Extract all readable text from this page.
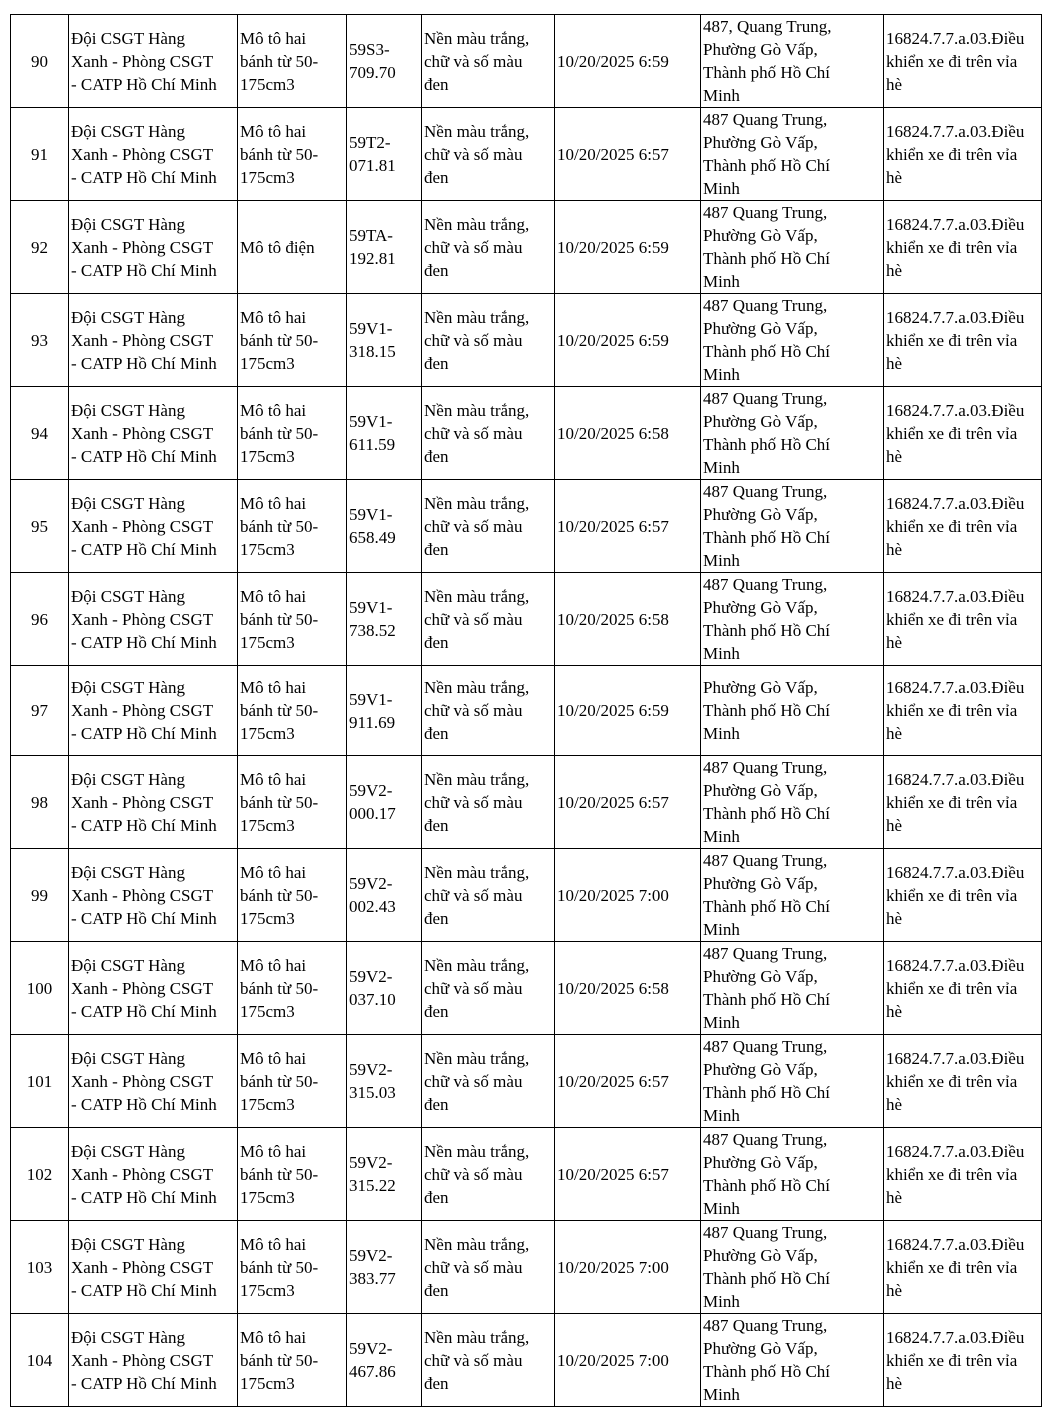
90	Đội CSGT Hàng
Xanh - Phòng CSGT
- CATP Hồ Chí Minh	Mô tô hai
bánh từ 50-
175cm3	59S3-
709.70	Nền màu trắng,
chữ và số màu
đen	10/20/2025 6:59	487, Quang Trung,
Phường Gò Vấp,
Thành phố Hồ Chí
Minh	16824.7.7.a.03.Điều
khiển xe đi trên vỉa
hè
91	Đội CSGT Hàng
Xanh - Phòng CSGT
- CATP Hồ Chí Minh	Mô tô hai
bánh từ 50-
175cm3	59T2-
071.81	Nền màu trắng,
chữ và số màu
đen	10/20/2025 6:57	487 Quang Trung,
Phường Gò Vấp,
Thành phố Hồ Chí
Minh	16824.7.7.a.03.Điều
khiển xe đi trên vỉa
hè
92	Đội CSGT Hàng
Xanh - Phòng CSGT
- CATP Hồ Chí Minh	Mô tô điện	59TA-
192.81	Nền màu trắng,
chữ và số màu
đen	10/20/2025 6:59	487 Quang Trung,
Phường Gò Vấp,
Thành phố Hồ Chí
Minh	16824.7.7.a.03.Điều
khiển xe đi trên vỉa
hè
93	Đội CSGT Hàng
Xanh - Phòng CSGT
- CATP Hồ Chí Minh	Mô tô hai
bánh từ 50-
175cm3	59V1-
318.15	Nền màu trắng,
chữ và số màu
đen	10/20/2025 6:59	487 Quang Trung,
Phường Gò Vấp,
Thành phố Hồ Chí
Minh	16824.7.7.a.03.Điều
khiển xe đi trên vỉa
hè
94	Đội CSGT Hàng
Xanh - Phòng CSGT
- CATP Hồ Chí Minh	Mô tô hai
bánh từ 50-
175cm3	59V1-
611.59	Nền màu trắng,
chữ và số màu
đen	10/20/2025 6:58	487 Quang Trung,
Phường Gò Vấp,
Thành phố Hồ Chí
Minh	16824.7.7.a.03.Điều
khiển xe đi trên vỉa
hè
95	Đội CSGT Hàng
Xanh - Phòng CSGT
- CATP Hồ Chí Minh	Mô tô hai
bánh từ 50-
175cm3	59V1-
658.49	Nền màu trắng,
chữ và số màu
đen	10/20/2025 6:57	487 Quang Trung,
Phường Gò Vấp,
Thành phố Hồ Chí
Minh	16824.7.7.a.03.Điều
khiển xe đi trên vỉa
hè
96	Đội CSGT Hàng
Xanh - Phòng CSGT
- CATP Hồ Chí Minh	Mô tô hai
bánh từ 50-
175cm3	59V1-
738.52	Nền màu trắng,
chữ và số màu
đen	10/20/2025 6:58	487 Quang Trung,
Phường Gò Vấp,
Thành phố Hồ Chí
Minh	16824.7.7.a.03.Điều
khiển xe đi trên vỉa
hè
97	Đội CSGT Hàng
Xanh - Phòng CSGT
- CATP Hồ Chí Minh	Mô tô hai
bánh từ 50-
175cm3	59V1-
911.69	Nền màu trắng,
chữ và số màu
đen	10/20/2025 6:59	Phường Gò Vấp,
Thành phố Hồ Chí
Minh	16824.7.7.a.03.Điều
khiển xe đi trên vỉa
hè
98	Đội CSGT Hàng
Xanh - Phòng CSGT
- CATP Hồ Chí Minh	Mô tô hai
bánh từ 50-
175cm3	59V2-
000.17	Nền màu trắng,
chữ và số màu
đen	10/20/2025 6:57	487 Quang Trung,
Phường Gò Vấp,
Thành phố Hồ Chí
Minh	16824.7.7.a.03.Điều
khiển xe đi trên vỉa
hè
99	Đội CSGT Hàng
Xanh - Phòng CSGT
- CATP Hồ Chí Minh	Mô tô hai
bánh từ 50-
175cm3	59V2-
002.43	Nền màu trắng,
chữ và số màu
đen	10/20/2025 7:00	487 Quang Trung,
Phường Gò Vấp,
Thành phố Hồ Chí
Minh	16824.7.7.a.03.Điều
khiển xe đi trên vỉa
hè
100	Đội CSGT Hàng
Xanh - Phòng CSGT
- CATP Hồ Chí Minh	Mô tô hai
bánh từ 50-
175cm3	59V2-
037.10	Nền màu trắng,
chữ và số màu
đen	10/20/2025 6:58	487 Quang Trung,
Phường Gò Vấp,
Thành phố Hồ Chí
Minh	16824.7.7.a.03.Điều
khiển xe đi trên vỉa
hè
101	Đội CSGT Hàng
Xanh - Phòng CSGT
- CATP Hồ Chí Minh	Mô tô hai
bánh từ 50-
175cm3	59V2-
315.03	Nền màu trắng,
chữ và số màu
đen	10/20/2025 6:57	487 Quang Trung,
Phường Gò Vấp,
Thành phố Hồ Chí
Minh	16824.7.7.a.03.Điều
khiển xe đi trên vỉa
hè
102	Đội CSGT Hàng
Xanh - Phòng CSGT
- CATP Hồ Chí Minh	Mô tô hai
bánh từ 50-
175cm3	59V2-
315.22	Nền màu trắng,
chữ và số màu
đen	10/20/2025 6:57	487 Quang Trung,
Phường Gò Vấp,
Thành phố Hồ Chí
Minh	16824.7.7.a.03.Điều
khiển xe đi trên vỉa
hè
103	Đội CSGT Hàng
Xanh - Phòng CSGT
- CATP Hồ Chí Minh	Mô tô hai
bánh từ 50-
175cm3	59V2-
383.77	Nền màu trắng,
chữ và số màu
đen	10/20/2025 7:00	487 Quang Trung,
Phường Gò Vấp,
Thành phố Hồ Chí
Minh	16824.7.7.a.03.Điều
khiển xe đi trên vỉa
hè
104	Đội CSGT Hàng
Xanh - Phòng CSGT
- CATP Hồ Chí Minh	Mô tô hai
bánh từ 50-
175cm3	59V2-
467.86	Nền màu trắng,
chữ và số màu
đen	10/20/2025 7:00	487 Quang Trung,
Phường Gò Vấp,
Thành phố Hồ Chí
Minh	16824.7.7.a.03.Điều
khiển xe đi trên vỉa
hè
